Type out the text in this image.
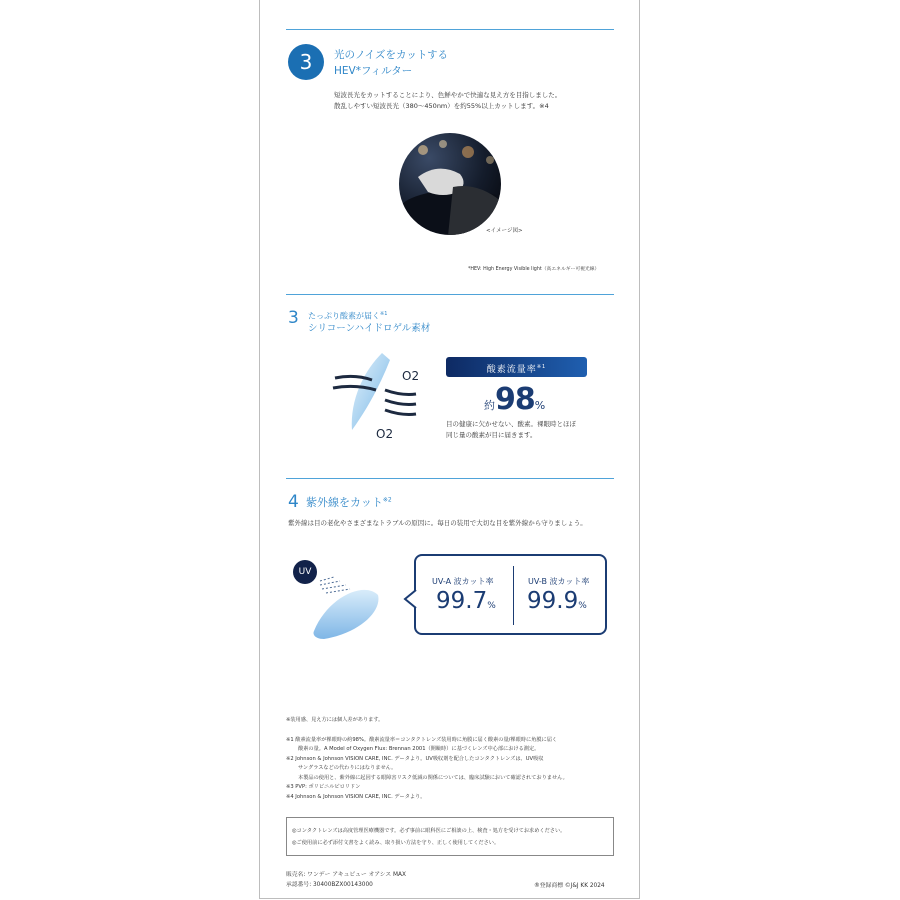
3	光のノイズをカットする
HEV*フィルター
短波長光をカットすることにより、色鮮やかで快適な見え方を目指しました。
散乱しやすい短波長光（380〜450nm）を約55%以上カットします。※4
<イメージ図>
*HEV: High Energy Visible light（高エネルギー可視光線）
3 たっぷり酸素が届く$^{※1}$
シリコーンハイドロゲル素材
O2
O2
酸素流量率$^{※1}$
約98%
目の健康に欠かせない、酸素。裸眼時とほぼ
同じ量の酸素が目に届きます。
4 紫外線をカット$^{※2}$
紫外線は目の老化やさまざまなトラブルの原因に。毎日の装用で大切な目を紫外線から守りましょう。
UV
UV-A 波カット率
99.7%
UV-B 波カット率
99.9%
※装用感、見え方には個人差があります。
※1 酸素流量率が裸眼時の約98%。酸素流量率＝コンタクトレンズ装用時に角膜に届く酸素の量/裸眼時に角膜に届く
酸素の量。A Model of Oxygen Flux: Brennan 2001（開瞼時）に基づくレンズ中心部における測定。
※2 Johnson & Johnson VISION CARE, INC. データより。UV吸収剤を配合したコンタクトレンズは、UV吸収
サングラスなどの代わりにはなりません。
本製品の使用と、紫外線に起因する眼障害リスク低減の関係については、臨床試験において確認されておりません。
※3 PVP: ポリビニルピロリドン
※4 Johnson & Johnson VISION CARE, INC. データより。
◎コンタクトレンズは高度管理医療機器です。必ず事前に眼科医にご相談の上、検査・処方を受けてお求めください。
◎ご使用前に必ず添付文書をよく読み、取り扱い方法を守り、正しく使用してください。
販売名: ワンデー アキュビュー オアシス MAX
承認番号: 30400BZX00143000	®登録商標 ©J&J KK 2024
